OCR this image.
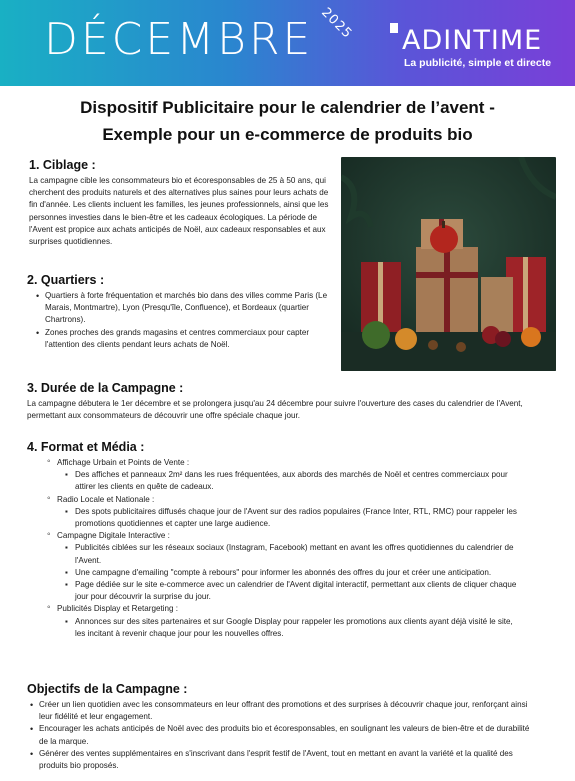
DÉCEMBRE 2025 ADINTIME
La publicité, simple et directe
Dispositif Publicitaire pour le calendrier de l’avent -
Exemple pour un e-commerce de produits bio
1. Ciblage :

La campagne cible les consommateurs bio et écoresponsables de 25 à 50 ans, qui cherchent des produits naturels et des alternatives plus saines pour leurs achats de fin d'année. Les clients incluent les familles, les jeunes professionnels, ainsi que les personnes investies dans le bien-être et les cadeaux écologiques. La période de l'Avent est propice aux achats anticipés de Noël, aux cadeaux responsables et aux surprises quotidiennes.

2. Quartiers :
• Quartiers à forte fréquentation et marchés bio dans des villes comme Paris (Le Marais, Montmartre), Lyon (Presqu'île, Confluence), et Bordeaux (quartier Chartrons).
• Zones proches des grands magasins et centres commerciaux pour capter l'attention des clients pendant leurs achats de Noël.
3. Durée de la Campagne :

La campagne débutera le 1er décembre et se prolongera jusqu'au 24 décembre pour suivre l'ouverture des cases du calendrier de l'Avent, permettant aux consommateurs de découvrir une offre spéciale chaque jour.

4. Format et Média :
◦ Affichage Urbain et Points de Vente :
▪ Des affiches et panneaux 2m² dans les rues fréquentées, aux abords des marchés de Noël et centres commerciaux pour attirer les clients en quête de cadeaux.
◦ Radio Locale et Nationale :
▪ Des spots publicitaires diffusés chaque jour de l'Avent sur des radios populaires (France Inter, RTL, RMC) pour rappeler les promotions quotidiennes et capter une large audience.
◦ Campagne Digitale Interactive :
▪ Publicités ciblées sur les réseaux sociaux (Instagram, Facebook) mettant en avant les offres quotidiennes du calendrier de l'Avent.
▪ Une campagne d'emailing "compte à rebours" pour informer les abonnés des offres du jour et créer une anticipation.
▪ Page dédiée sur le site e-commerce avec un calendrier de l'Avent digital interactif, permettant aux clients de cliquer chaque jour pour découvrir la surprise du jour.
◦ Publicités Display et Retargeting :
▪ Annonces sur des sites partenaires et sur Google Display pour rappeler les promotions aux clients ayant déjà visité le site, les incitant à revenir chaque jour pour les nouvelles offres.
Objectifs de la Campagne :
• Créer un lien quotidien avec les consommateurs en leur offrant des promotions et des surprises à découvrir chaque jour, renforçant ainsi leur fidélité et leur engagement.
• Encourager les achats anticipés de Noël avec des produits bio et écoresponsables, en soulignant les valeurs de bien-être et de durabilité de la marque.
• Générer des ventes supplémentaires en s'inscrivant dans l'esprit festif de l'Avent, tout en mettant en avant la variété et la qualité des produits bio proposés.
